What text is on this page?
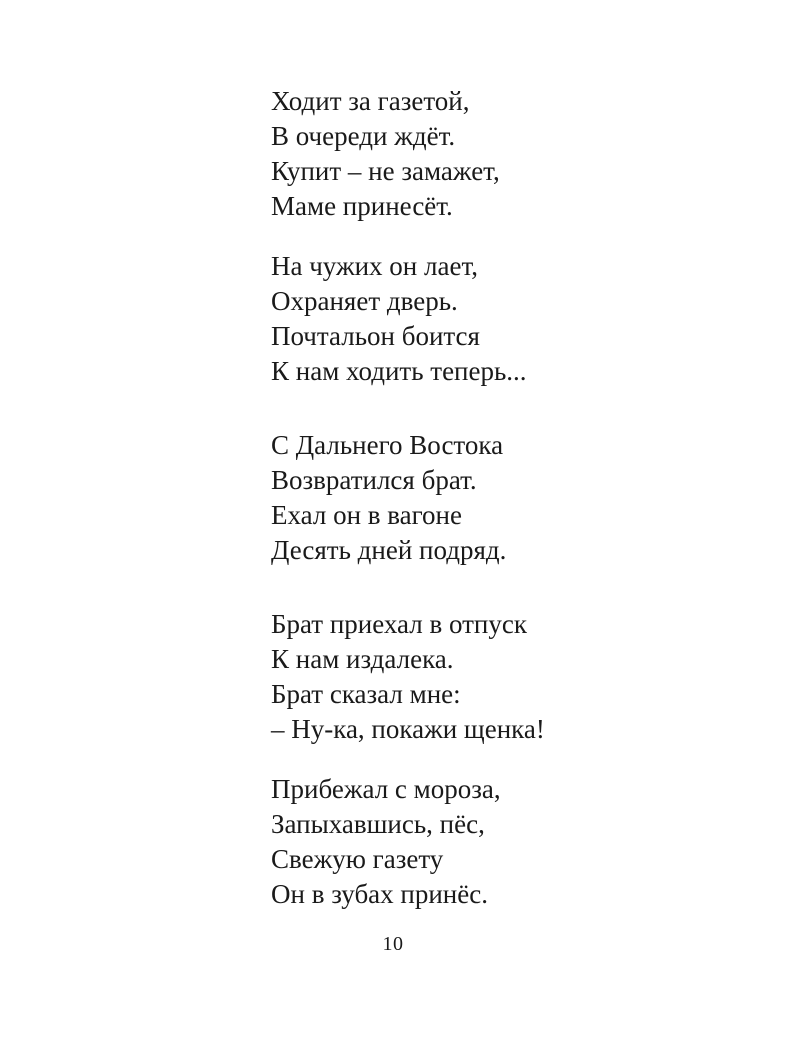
Ходит за газетой,
В очереди ждёт.
Купит – не замажет,
Маме принесёт.
На чужих он лает,
Охраняет дверь.
Почтальон боится
К нам ходить теперь...
С Дальнего Востока
Возвратился брат.
Ехал он в вагоне
Десять дней подряд.
Брат приехал в отпуск
К нам издалека.
Брат сказал мне:
– Ну-ка, покажи щенка!
Прибежал с мороза,
Запыхавшись, пёс,
Свежую газету
Он в зубах принёс.
10
